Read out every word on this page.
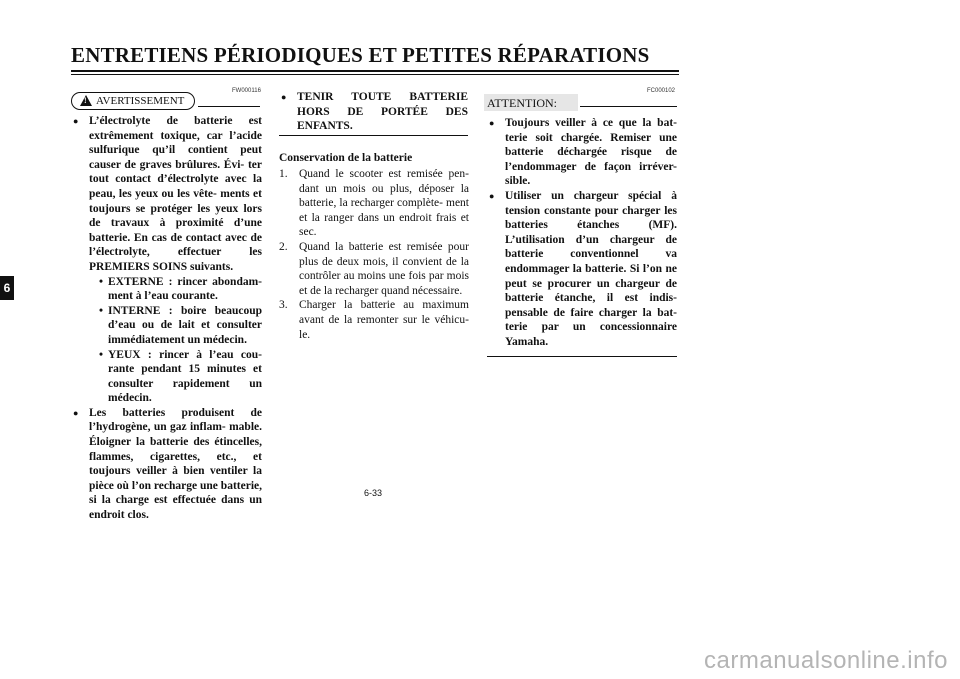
ENTRETIENS PÉRIODIQUES ET PETITES RÉPARATIONS
6
FW000116
! AVERTISSEMENT
● L’électrolyte de batterie est extrêmement toxique, car l’acide sulfurique qu’il contient peut causer de graves brûlures. Évi- ter tout contact d’électrolyte avec la peau, les yeux ou les vête- ments et toujours se protéger les yeux lors de travaux à proximité d’une batterie. En cas de contact avec de l’électrolyte, effectuer les PREMIERS SOINS suivants.
• EXTERNE : rincer abondam- ment à l’eau courante.
• INTERNE : boire beaucoup d’eau ou de lait et consulter immédiatement un médecin.
• YEUX : rincer à l’eau cou- rante pendant 15 minutes et consulter rapidement un médecin.
● Les batteries produisent de l’hydrogène, un gaz inflam- mable. Éloigner la batterie des étincelles, flammes, cigarettes, etc., et toujours veiller à bien ventiler la pièce où l’on recharge une batterie, si la charge est effectuée dans un endroit clos.
● TENIR TOUTE BATTERIE HORS DE PORTÉE DES ENFANTS.
Conservation de la batterie
1. Quand le scooter est remisée pen- dant un mois ou plus, déposer la batterie, la recharger complète- ment et la ranger dans un endroit frais et sec.
2. Quand la batterie est remisée pour plus de deux mois, il convient de la contrôler au moins une fois par mois et de la recharger quand nécessaire.
3. Charger la batterie au maximum avant de la remonter sur le véhicu- le.
FC000102
ATTENTION:
● Toujours veiller à ce que la bat- terie soit chargée. Remiser une batterie déchargée risque de l’endommager de façon irréver- sible.
● Utiliser un chargeur spécial à tension constante pour charger les batteries étanches (MF). L’utilisation d’un chargeur de batterie conventionnel va endommager la batterie. Si l’on ne peut se procurer un chargeur de batterie étanche, il est indis- pensable de faire charger la bat- terie par un concessionnaire Yamaha.
6-33
carmanualsonline.info
